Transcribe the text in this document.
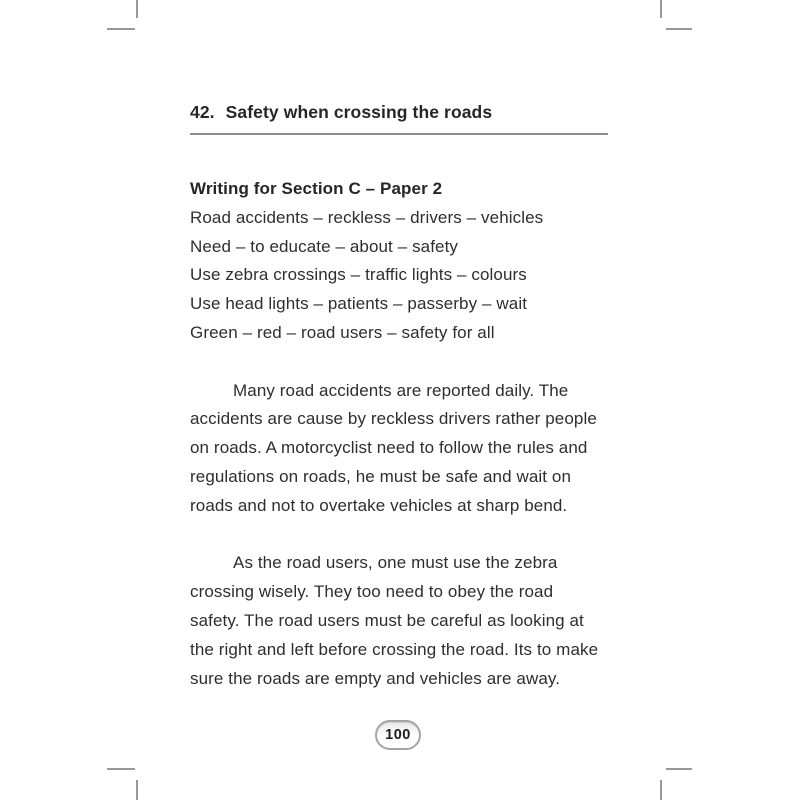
42. Safety when crossing the roads
Writing for Section C – Paper 2
Road accidents – reckless – drivers – vehicles
Need – to educate – about – safety
Use zebra crossings – traffic lights – colours
Use head lights – patients – passerby – wait
Green – red – road users – safety for all
Many road accidents are reported daily. The
accidents are cause by reckless drivers rather people
on roads. A motorcyclist need to follow the rules and
regulations on roads, he must be safe and wait on
roads and not to overtake vehicles at sharp bend.
As the road users, one must use the zebra
crossing wisely. They too need to obey the road
safety. The road users must be careful as looking at
the right and left before crossing the road. Its to make
sure the roads are empty and vehicles are away.
100
